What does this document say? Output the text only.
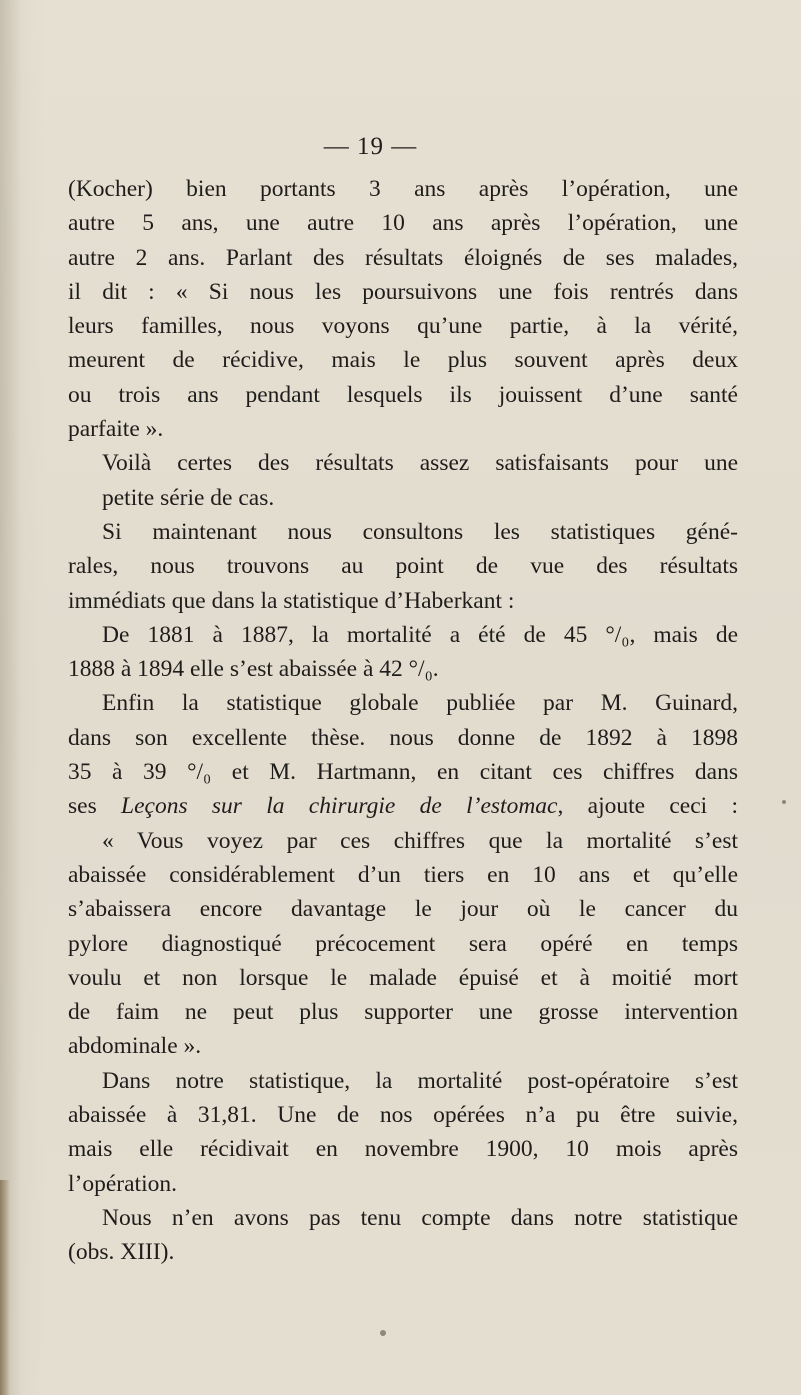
— 19 —

(Kocher) bien portants 3 ans après l’opération, une
autre 5 ans, une autre 10 ans après l’opération, une
autre 2 ans. Parlant des résultats éloignés de ses malades,
il dit : « Si nous les poursuivons une fois rentrés dans
leurs familles, nous voyons qu’une partie, à la vérité,
meurent de récidive, mais le plus souvent après deux
ou trois ans pendant lesquels ils jouissent d’une santé
parfaite ».

Voilà certes des résultats assez satisfaisants pour une
petite série de cas.

Si maintenant nous consultons les statistiques géné-
rales, nous trouvons au point de vue des résultats
immédiats que dans la statistique d’Haberkant :

De 1881 à 1887, la mortalité a été de 45 °/₀, mais de
1888 à 1894 elle s’est abaissée à 42 °/₀.

Enfin la statistique globale publiée par M. Guinard,
dans son excellente thèse. nous donne de 1892 à 1898
35 à 39 °/₀ et M. Hartmann, en citant ces chiffres dans
ses Leçons sur la chirurgie de l’estomac, ajoute ceci :

« Vous voyez par ces chiffres que la mortalité s’est
abaissée considérablement d’un tiers en 10 ans et qu’elle
s’abaissera encore davantage le jour où le cancer du
pylore diagnostiqué précocement sera opéré en temps
voulu et non lorsque le malade épuisé et à moitié mort
de faim ne peut plus supporter une grosse intervention
abdominale ».

Dans notre statistique, la mortalité post-opératoire s’est
abaissée à 31,81. Une de nos opérées n’a pu être suivie,
mais elle récidivait en novembre 1900, 10 mois après
l’opération.

Nous n’en avons pas tenu compte dans notre statistique
(obs. XIII).
